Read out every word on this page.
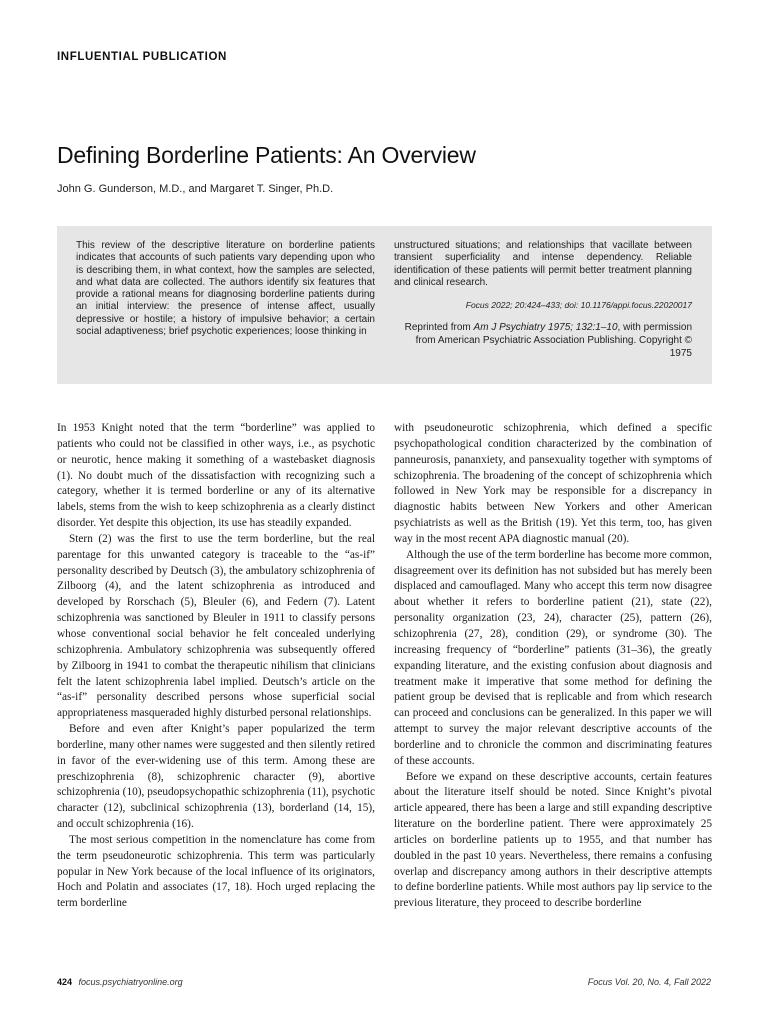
INFLUENTIAL PUBLICATION
Defining Borderline Patients: An Overview
John G. Gunderson, M.D., and Margaret T. Singer, Ph.D.

This review of the descriptive literature on borderline patients indicates that accounts of such patients vary depending upon who is describing them, in what context, how the samples are selected, and what data are collected. The authors identify six features that provide a rational means for diagnosing borderline patients during an initial interview: the presence of intense affect, usually depressive or hostile; a history of impulsive behavior; a certain social adaptiveness; brief psychotic experiences; loose thinking in

unstructured situations; and relationships that vacillate between transient superficiality and intense dependency. Reliable identification of these patients will permit better treatment planning and clinical research.

Focus 2022; 20:424–433; doi: 10.1176/appi.focus.22020017

Reprinted from Am J Psychiatry 1975; 132:1–10, with permission from American Psychiatric Association Publishing. Copyright © 1975

In 1953 Knight noted that the term “borderline” was applied to patients who could not be classified in other ways, i.e., as psychotic or neurotic, hence making it something of a wastebasket diagnosis (1). No doubt much of the dissatisfaction with recognizing such a category, whether it is termed borderline or any of its alternative labels, stems from the wish to keep schizophrenia as a clearly distinct disorder. Yet despite this objection, its use has steadily expanded.

Stern (2) was the first to use the term borderline, but the real parentage for this unwanted category is traceable to the “as-if” personality described by Deutsch (3), the ambulatory schizophrenia of Zilboorg (4), and the latent schizophrenia as introduced and developed by Rorschach (5), Bleuler (6), and Federn (7). Latent schizophrenia was sanctioned by Bleuler in 1911 to classify persons whose conventional social behavior he felt concealed underlying schizophrenia. Ambulatory schizophrenia was subsequently offered by Zilboorg in 1941 to combat the therapeutic nihilism that clinicians felt the latent schizophrenia label implied. Deutsch’s article on the “as-if” personality described persons whose superficial social appropriateness masqueraded highly disturbed personal relationships.

Before and even after Knight’s paper popularized the term borderline, many other names were suggested and then silently retired in favor of the ever-widening use of this term. Among these are preschizophrenia (8), schizophrenic character (9), abortive schizophrenia (10), pseudopsychopathic schizophrenia (11), psychotic character (12), subclinical schizophrenia (13), borderland (14, 15), and occult schizophrenia (16).

The most serious competition in the nomenclature has come from the term pseudoneurotic schizophrenia. This term was particularly popular in New York because of the local influence of its originators, Hoch and Polatin and associates (17, 18). Hoch urged replacing the term borderline

with pseudoneurotic schizophrenia, which defined a specific psychopathological condition characterized by the combination of panneurosis, pananxiety, and pansexuality together with symptoms of schizophrenia. The broadening of the concept of schizophrenia which followed in New York may be responsible for a discrepancy in diagnostic habits between New Yorkers and other American psychiatrists as well as the British (19). Yet this term, too, has given way in the most recent APA diagnostic manual (20).

Although the use of the term borderline has become more common, disagreement over its definition has not subsided but has merely been displaced and camouflaged. Many who accept this term now disagree about whether it refers to borderline patient (21), state (22), personality organization (23, 24), character (25), pattern (26), schizophrenia (27, 28), condition (29), or syndrome (30). The increasing frequency of “borderline” patients (31–36), the greatly expanding literature, and the existing confusion about diagnosis and treatment make it imperative that some method for defining the patient group be devised that is replicable and from which research can proceed and conclusions can be generalized. In this paper we will attempt to survey the major relevant descriptive accounts of the borderline and to chronicle the common and discriminating features of these accounts.

Before we expand on these descriptive accounts, certain features about the literature itself should be noted. Since Knight’s pivotal article appeared, there has been a large and still expanding descriptive literature on the borderline patient. There were approximately 25 articles on borderline patients up to 1955, and that number has doubled in the past 10 years. Nevertheless, there remains a confusing overlap and discrepancy among authors in their descriptive attempts to define borderline patients. While most authors pay lip service to the previous literature, they proceed to describe borderline

424 focus.psychiatryonline.org	Focus Vol. 20, No. 4, Fall 2022
